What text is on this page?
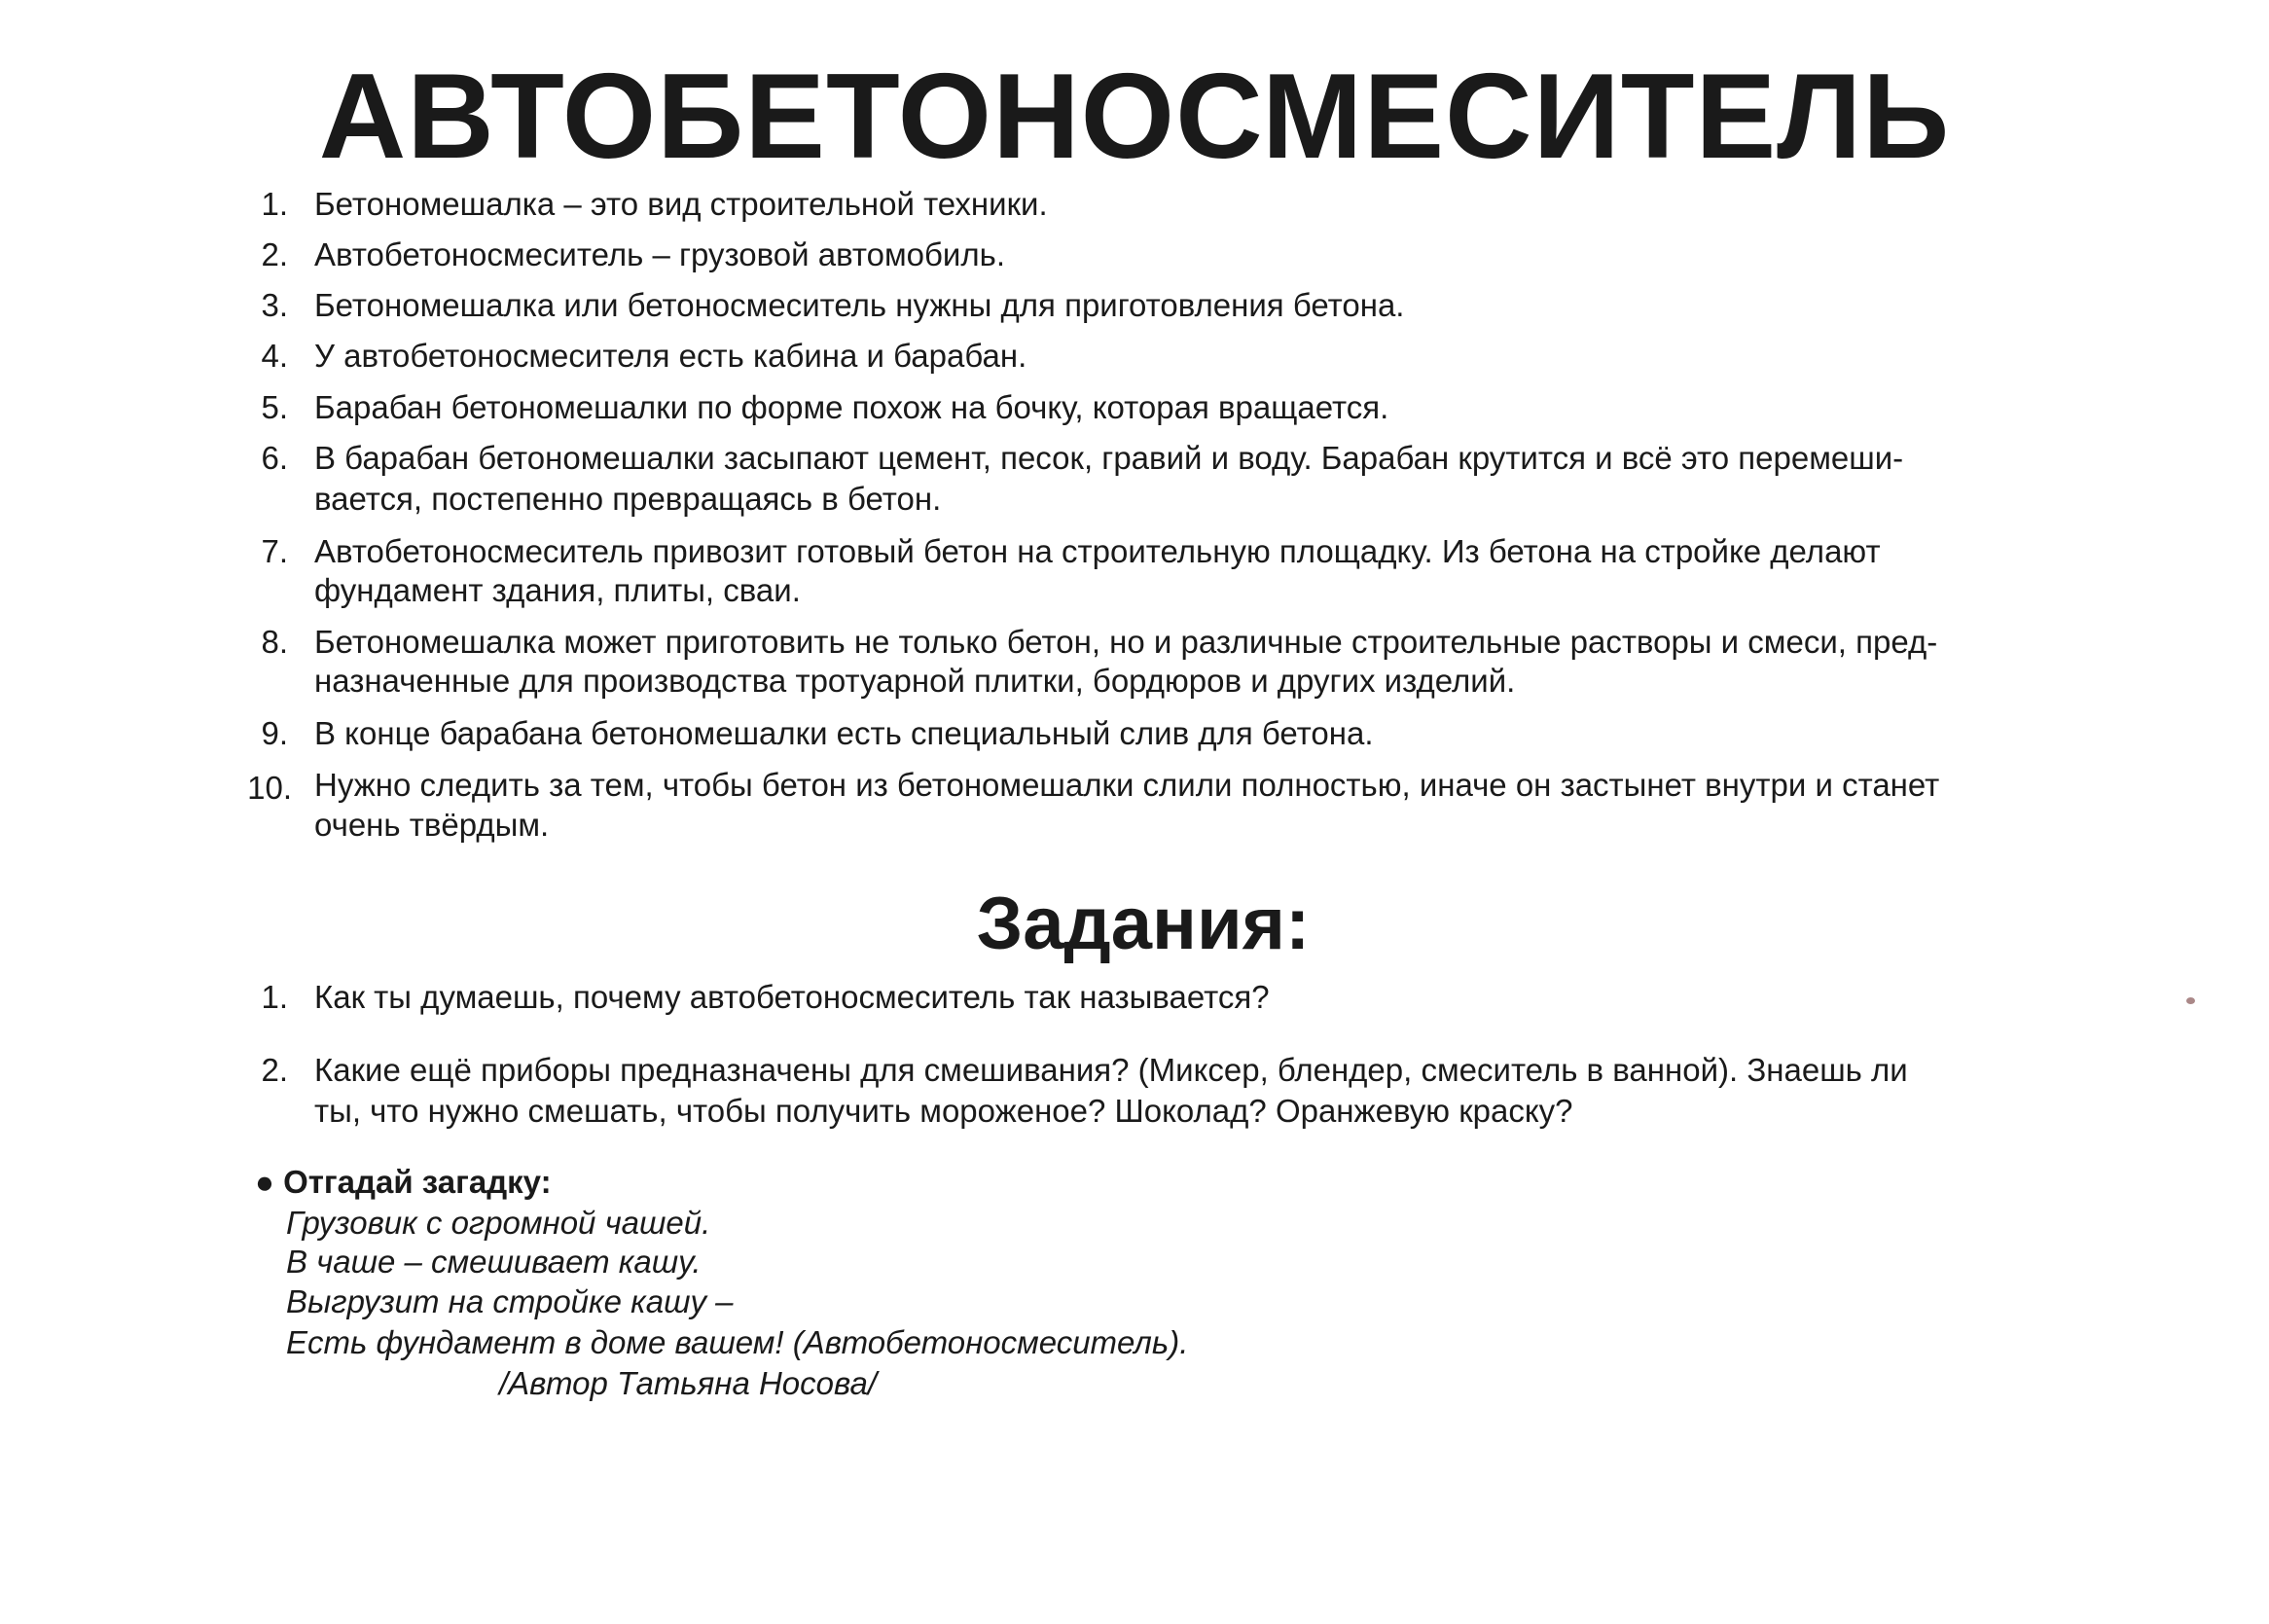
АВТОБЕТОНОСМЕСИТЕЛЬ
1. Бетономешалка – это вид строительной техники.
2. Автобетоносмеситель – грузовой автомобиль.
3. Бетономешалка или бетоносмеситель нужны для приготовления бетона.
4. У автобетоносмесителя есть кабина и барабан.
5. Барабан бетономешалки по форме похож на бочку, которая вращается.
6. В барабан бетономешалки засыпают цемент, песок, гравий и воду. Барабан крутится и всё это перемеши-
вается, постепенно превращаясь в бетон.
7. Автобетоносмеситель привозит готовый бетон на строительную площадку. Из бетона на стройке делают
фундамент здания, плиты, сваи.
8. Бетономешалка может приготовить не только бетон, но и различные строительные растворы и смеси, пред-
назначенные для производства тротуарной плитки, бордюров и других изделий.
9. В конце барабана бетономешалки есть специальный слив для бетона.
10. Нужно следить за тем, чтобы бетон из бетономешалки слили полностью, иначе он застынет внутри и станет
очень твёрдым.
Задания:
1. Как ты думаешь, почему автобетоносмеситель так называется?
2. Какие ещё приборы предназначены для смешивания? (Миксер, блендер, смеситель в ванной). Знаешь ли
ты, что нужно смешать, чтобы получить мороженое? Шоколад? Оранжевую краску?
● Отгадай загадку:
Грузовик с огромной чашей.
В чаше – смешивает кашу.
Выгрузит на стройке кашу –
Есть фундамент в доме вашем! (Автобетоносмеситель).
/Автор Татьяна Носова/
